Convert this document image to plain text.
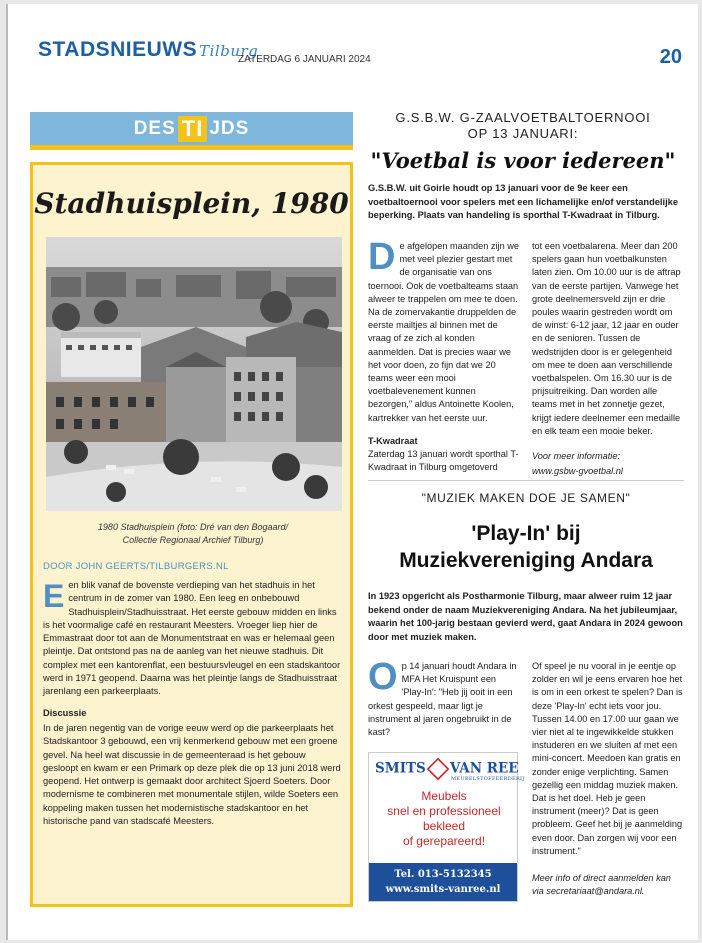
STADSNIEUWS Tilburg
ZATERDAG 6 JANUARI 2024	20
DES TI JDS
Stadhuisplein, 1980
1980 Stadhuisplein (foto: Dré van den Bogaard/
Collectie Regionaal Archief Tilburg)
DOOR JOHN GEERTS/TILBURGERS.NL

Een blik vanaf de bovenste verdieping van het stadhuis in het centrum in de zomer van 1980. Een leeg en onbebouwd Stadhuisplein/Stadhuisstraat. Het eerste gebouw midden en links is het voormalige café en restaurant Meesters. Vroeger liep hier de Emmastraat door tot aan de Monumentstraat en was er helemaal geen pleintje. Dat ontstond pas na de aanleg van het nieuwe stadhuis. Dit complex met een kantorenflat, een bestuursvleugel en een stadskantoor werd in 1971 geopend. Daarna was het pleintje langs de Stadhuisstraat jarenlang een parkeerplaats.

Discussie

In de jaren negentig van de vorige eeuw werd op die parkeerplaats het Stadskantoor 3 gebouwd, een vrij kenmerkend gebouw met een groene gevel. Na heel wat discussie in de gemeenteraad is het gebouw gesloopt en kwam er een Primark op deze plek die op 13 juni 2018 werd geopend. Het ontwerp is gemaakt door architect Sjoerd Soeters. Door modernisme te combineren met monumentale stijlen, wilde Soeters een koppeling maken tussen het modernistische stadskantoor en het historische pand van stadscafé Meesters.

G.S.B.W. G-ZAALVOETBALTOERNOOI
OP 13 JANUARI:
"Voetbal is voor iedereen"
G.S.B.W. uit Goirle houdt op 13 januari voor de 9e keer een voetbaltoernooi voor spelers met een lichamelijke en/of verstandelijke beperking. Plaats van handeling is sporthal T-Kwadraat in Tilburg.
De afgelopen maanden zijn we met veel plezier gestart met de organisatie van ons toernooi. Ook de voetbalteams staan alweer te trappelen om mee te doen. Na de zomervakantie druppelden de eerste mailtjes al binnen met de vraag of ze zich al konden aanmelden. Dat is precies waar we het voor doen, zo fijn dat we 20 teams weer een mooi voetbalevenement kunnen bezorgen," aldus Antoinette Koolen, kartrekker van het eerste uur.
T-Kwadraat
Zaterdag 13 januari wordt sporthal T-Kwadraat in Tilburg omgetoverd
tot een voetbalarena. Meer dan 200 spelers gaan hun voetbalkunsten laten zien. Om 10.00 uur is de aftrap van de eerste partijen. Vanwege het grote deelnemersveld zijn er drie poules waarin gestreden wordt om de winst: 6-12 jaar, 12 jaar en ouder en de senioren. Tussen de wedstrijden door is er gelegenheid om mee te doen aan verschillende voetbalspelen. Om 16.30 uur is de prijsuitreiking. Dan worden alle teams met in het zonnetje gezet, krijgt iedere deelnemer een medaille en elk team een mooie beker.
Voor meer informatie:
www.gsbw-gvoetbal.nl
"MUZIEK MAKEN DOE JE SAMEN"
'Play-In' bij
Muziekvereniging Andara
In 1923 opgericht als Postharmonie Tilburg, maar alweer ruim 12 jaar bekend onder de naam Muziekvereniging Andara. Na het jubileumjaar, waarin het 100-jarig bestaan gevierd werd, gaat Andara in 2024 gewoon door met muziek maken.
Op 14 januari houdt Andara in MFA Het Kruispunt een 'Play-In': "Heb jij ooit in een orkest gespeeld, maar ligt je instrument al jaren ongebruikt in de kast?
Of speel je nu vooral in je eentje op zolder en wil je eens ervaren hoe het is om in een orkest te spelen? Dan is deze 'Play-In' echt iets voor jou. Tussen 14.00 en 17.00 uur gaan we vier niet al te ingewikkelde stukken instuderen en we sluiten af met een mini-concert. Meedoen kan gratis en zonder enige verplichting. Samen gezellig een middag muziek maken. Dat is het doel. Heb je geen instrument (meer)? Dat is geen probleem. Geef het bij je aanmelding even door. Dan zorgen wij voor een instrument."
Meer info of direct aanmelden kan
via secretariaat@andara.nl.
SMITS VAN REE
MEUBELSTOFFEERDERIJ
Meubels
snel en professioneel
bekleed
of gerepareerd!
Tel. 013-5132345
www.smits-vanree.nl
